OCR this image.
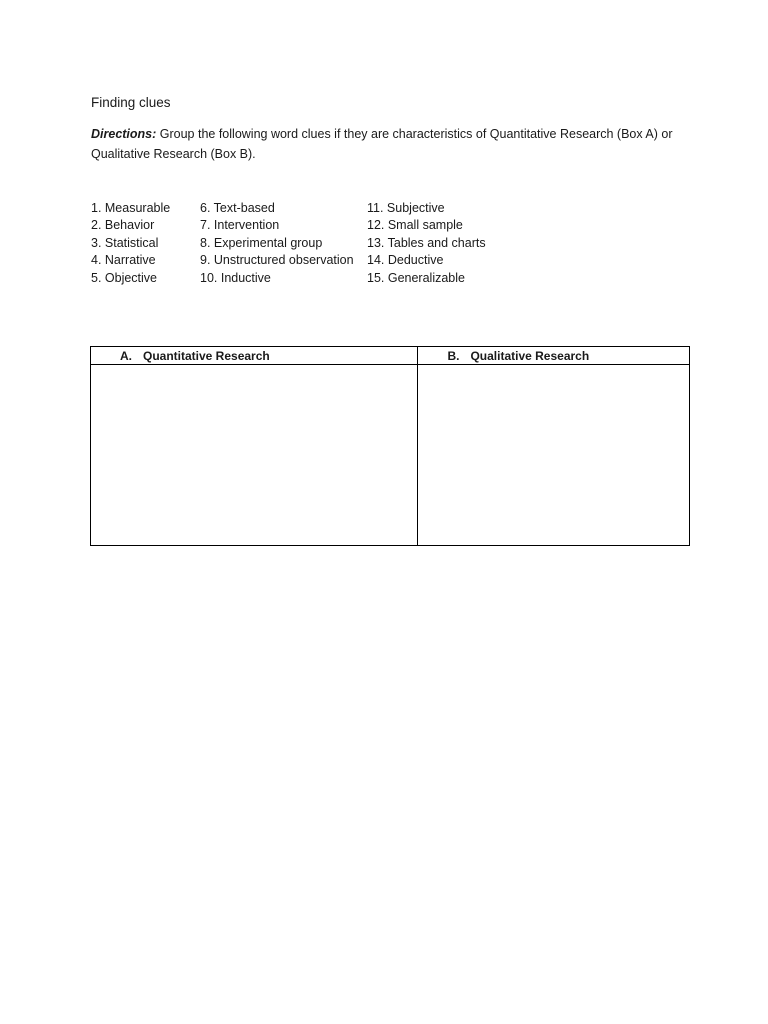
Finding clues
Directions: Group the following word clues if they are characteristics of Quantitative Research (Box A) or Qualitative Research (Box B).
1. Measurable
2. Behavior
3. Statistical
4. Narrative
5. Objective
6. Text-based
7. Intervention
8. Experimental group
9. Unstructured observation
10. Inductive
11. Subjective
12. Small sample
13. Tables and charts
14. Deductive
15. Generalizable
A. Quantitative Research	B. Qualitative Research
